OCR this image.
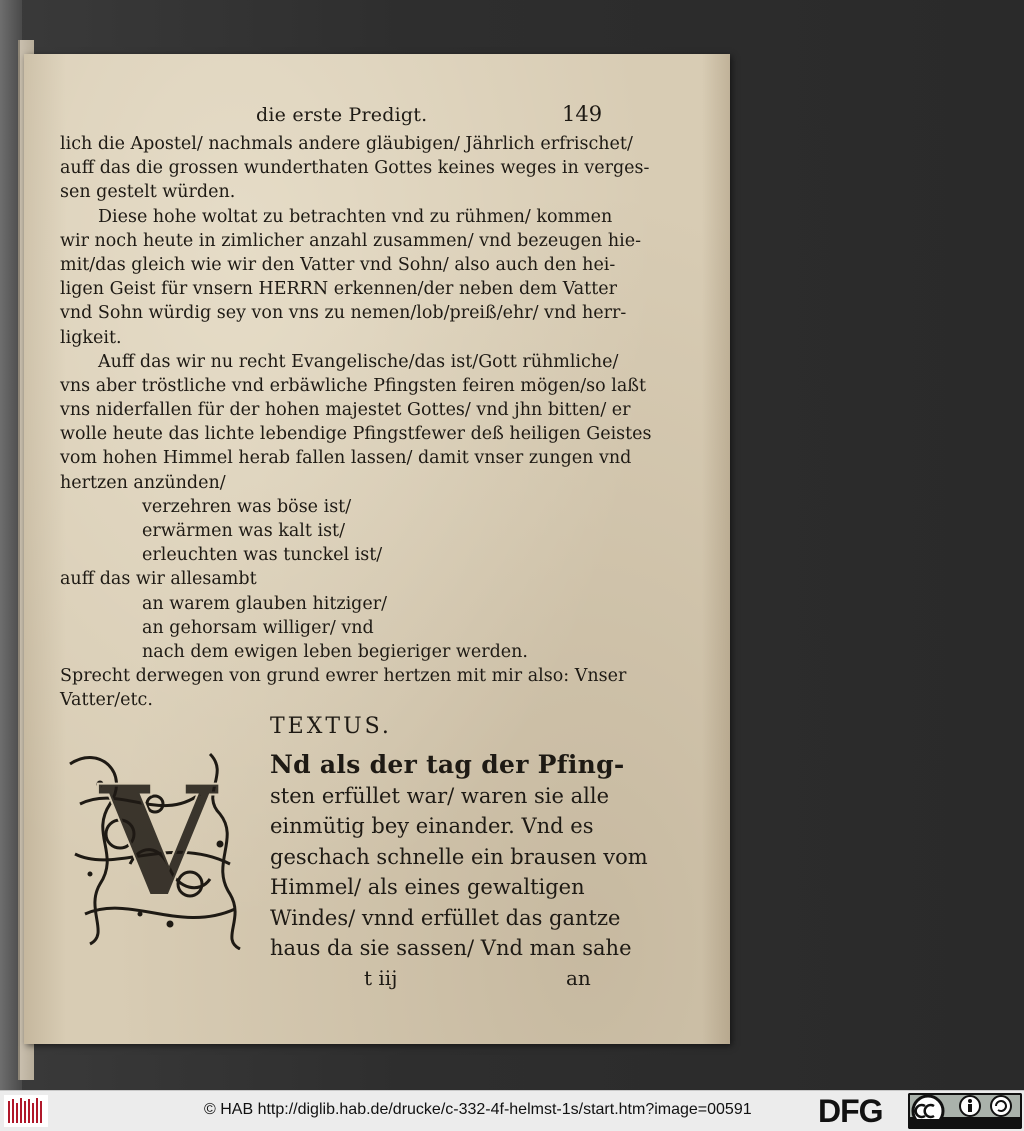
die erste Predigt.	149
lich die Apostel/ nachmals andere gläubigen/ Jährlich erfrischet/
auff das die grossen wunderthaten Gottes keines weges in verges-
sen gestelt würden.
Diese hohe woltat zu betrachten vnd zu rühmen/ kommen
wir noch heute in zimlicher anzahl zusammen/ vnd bezeugen hie-
mit/das gleich wie wir den Vatter vnd Sohn/ also auch den hei-
ligen Geist für vnsern HERRN erkennen/der neben dem Vatter
vnd Sohn würdig sey von vns zu nemen/lob/preiß/ehr/ vnd herr-
ligkeit.
Auff das wir nu recht Evangelische/das ist/Gott rühmliche/
vns aber tröstliche vnd erbäwliche Pfingsten feiren mögen/so laßt
vns niderfallen für der hohen majestet Gottes/ vnd jhn bitten/ er
wolle heute das lichte lebendige Pfingstfewer deß heiligen Geistes
vom hohen Himmel herab fallen lassen/ damit vnser zungen vnd
hertzen anzünden/
verzehren was böse ist/
erwärmen was kalt ist/
erleuchten was tunckel ist/
auff das wir allesambt
an warem glauben hitziger/
an gehorsam williger/ vnd
nach dem ewigen leben begieriger werden.
Sprecht derwegen von grund ewrer hertzen mit mir also: Vnser
Vatter/etc.
TEXTUS.
V Nd als der tag der Pfing-
sten erfüllet war/ waren sie alle
einmütig bey einander. Vnd es
geschach schnelle ein brausen vom
Himmel/ als eines gewaltigen
Windes/ vnnd erfüllet das gantze
haus da sie sassen/ Vnd man sahe
t iij	an
© HAB http://diglib.hab.de/drucke/c-332-4f-helmst-1s/start.htm?image=00591 DFG
